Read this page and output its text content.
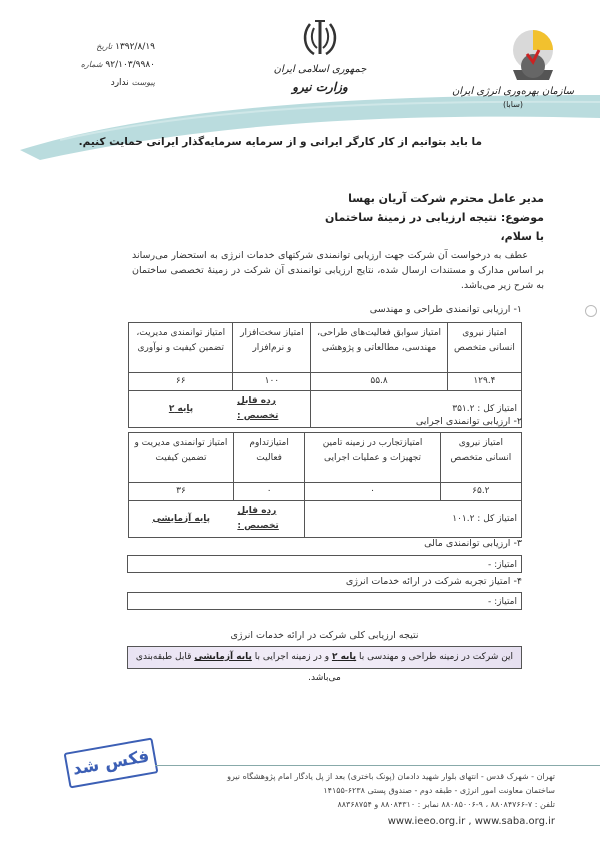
۱۳۹۲/۸/۱۹ تاریخ
۹۲/۱۰۳/۹۹۸۰ شماره
پیوست ندارد
جمهوری اسلامی ایران
وزارت نیرو	سازمان بهره‌وری انرژی ایران
(سابا)
ما باید بتوانیم از کار کارگر ایرانی و از سرمایه سرمایه‌گذار ایرانی حمایت کنیم.
مدیر عامل محترم شرکت آریان بهسا
موضوع: نتیجه ارزیابی در زمینهٔ ساختمان
با سلام،
عطف به درخواست آن شرکت جهت ارزیابی توانمندی شرکتهای خدمات انرژی به استحضار می‌رساند بر اساس مدارک و مستندات ارسال شده، نتایج ارزیابی توانمندی آن شرکت در زمینهٔ تخصصی ساختمان به شرح زیر می‌باشد.
۱- ارزیابی توانمندی طراحی و مهندسی
امتیاز نیروی انسانی متخصص	امتیاز سوابق فعالیت‌های طراحی، مهندسی، مطالعاتی و پژوهشی	امتیاز سخت‌افزار و نرم‌افزار	امتیاز توانمندی مدیریت، تضمین کیفیت و نوآوری
۱۲۹.۴	۵۵.۸	۱۰۰	۶۶
امتیاز کل : ۳۵۱.۲		رده قابل تخصیص :	پایه ۲
۲- ارزیابی توانمندی اجرایی
امتیاز نیروی انسانی متخصص	امتیازتجارب در زمینه تامین تجهیزات و عملیات اجرایی	امتیازتداوم فعالیت	امتیاز توانمندی مدیریت و تضمین کیفیت
۶۵.۲	۰	۰	۳۶
امتیاز کل : ۱۰۱.۲		رده قابل تخصیص :	پایه آزمایشی
۳- ارزیابی توانمندی مالی
امتیاز: -
۴- امتیاز تجربه شرکت در ارائه خدمات انرژی
امتیاز: -
نتیجه ارزیابی کلی شرکت در ارائه خدمات انرژی
این شرکت در زمینه طراحی و مهندسی با پایه ۲ و در زمینه اجرایی با پایه آزمایشی قابل طبقه‌بندی می‌باشد.
فکس شد	تهران - شهرک قدس - انتهای بلوار شهید دادمان (پونک باختری) بعد از پل یادگار امام پژوهشگاه نیرو
ساختمان معاونت امور انرژی - طبقه دوم - صندوق پستی ۶۲۳۸-۱۴۱۵۵
تلفن : ۷-۸۸۰۸۴۷۶۶ ، ۹-۸۸۰۸۵۰۰۶ نمابر : ۸۸۰۸۴۳۱۰ و ۸۸۳۶۸۷۵۴
www.ieeo.org.ir , www.saba.org.ir
